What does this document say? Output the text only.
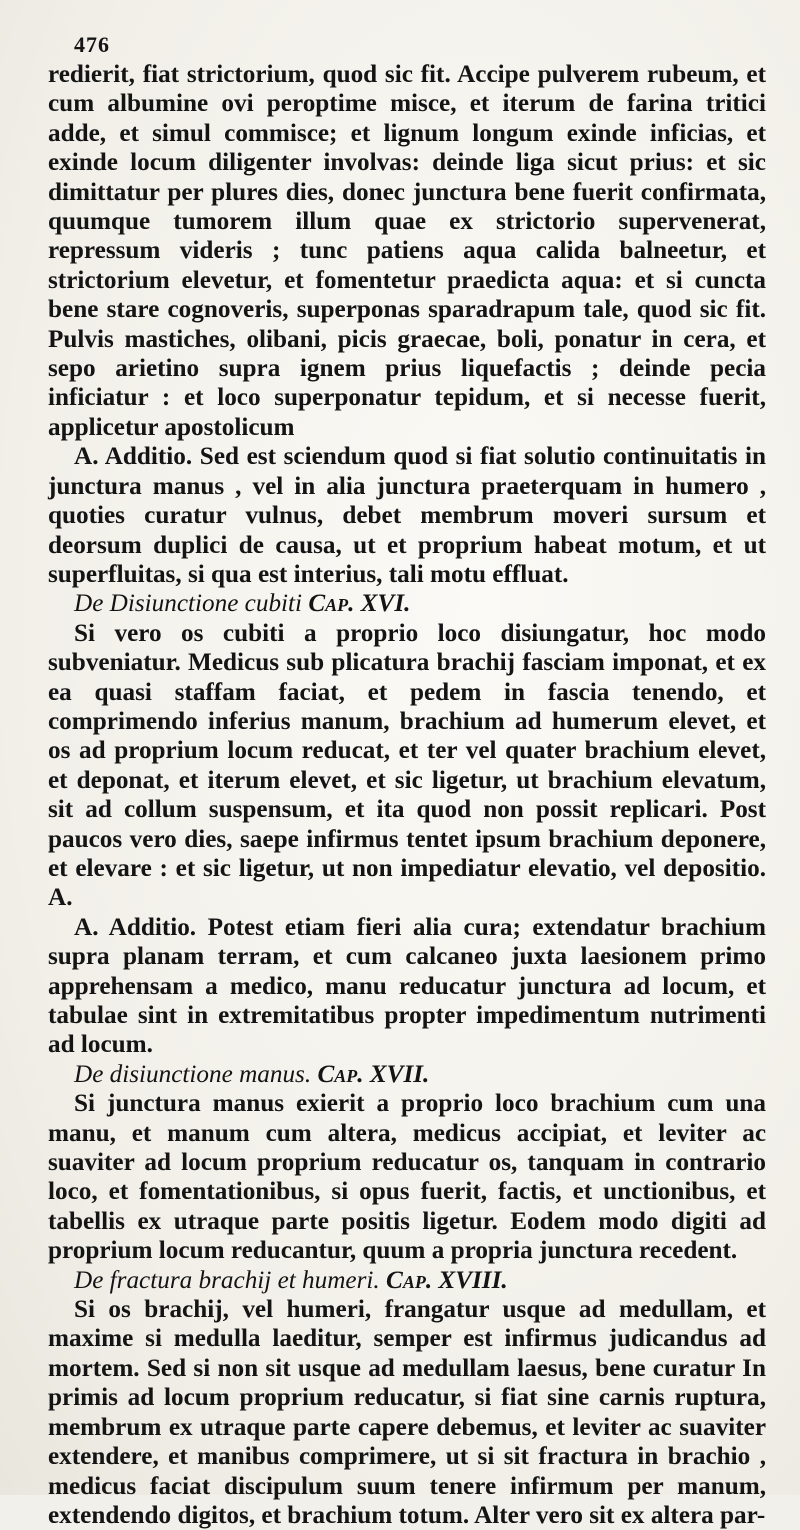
476

redierit, fiat strictorium, quod sic fit. Accipe pulverem rubeum, et cum albumine ovi peroptime misce, et iterum de farina tritici adde, et simul commisce; et lignum longum exinde inficias, et exinde locum diligenter involvas: deinde liga sicut prius: et sic dimittatur per plures dies, donec junctura bene fuerit confirmata, quumque tumorem illum quae ex strictorio supervenerat, repressum videris ; tunc patiens aqua calida balneetur, et strictorium elevetur, et fomentetur praedicta aqua: et si cuncta bene stare cognoveris, superponas sparadrapum tale, quod sic fit. Pulvis mastiches, olibani, picis graecae, boli, ponatur in cera, et sepo arietino supra ignem prius liquefactis ; deinde pecia inficiatur : et loco superponatur tepidum, et si necesse fuerit, applicetur apostolicum

A. Additio. Sed est sciendum quod si fiat solutio continuitatis in junctura manus , vel in alia junctura praeterquam in humero , quoties curatur vulnus, debet membrum moveri sursum et deorsum duplici de causa, ut et proprium habeat motum, et ut superfluitas, si qua est interius, tali motu effluat.

De Disiunctione cubiti Cap. XVI.

Si vero os cubiti a proprio loco disiungatur, hoc modo subveniatur. Medicus sub plicatura brachij fasciam imponat, et ex ea quasi staffam faciat, et pedem in fascia tenendo, et comprimendo inferius manum, brachium ad humerum elevet, et os ad proprium locum reducat, et ter vel quater brachium elevet, et deponat, et iterum elevet, et sic ligetur, ut brachium elevatum, sit ad collum suspensum, et ita quod non possit replicari. Post paucos vero dies, saepe infirmus tentet ipsum brachium deponere, et elevare : et sic ligetur, ut non impediatur elevatio, vel depositio. A.

A. Additio. Potest etiam fieri alia cura; extendatur brachium supra planam terram, et cum calcaneo juxta laesionem primo apprehensam a medico, manu reducatur junctura ad locum, et tabulae sint in extremitatibus propter impedimentum nutrimenti ad locum.

De disiunctione manus. Cap. XVII.

Si junctura manus exierit a proprio loco brachium cum una manu, et manum cum altera, medicus accipiat, et leviter ac suaviter ad locum proprium reducatur os, tanquam in contrario loco, et fomentationibus, si opus fuerit, factis, et unctionibus, et tabellis ex utraque parte positis ligetur. Eodem modo digiti ad proprium locum reducantur, quum a propria junctura recedent.

De fractura brachij et humeri. Cap. XVIII.

Si os brachij, vel humeri, frangatur usque ad medullam, et maxime si medulla laeditur, semper est infirmus judicandus ad mortem. Sed si non sit usque ad medullam laesus, bene curatur In primis ad locum proprium reducatur, si fiat sine carnis ruptura, membrum ex utraque parte capere debemus, et leviter ac suaviter extendere, et manibus comprimere, ut si sit fractura in brachio , medicus faciat discipulum suum tenere infirmum per manum, extendendo digitos, et brachium totum. Alter vero sit ex altera par-
